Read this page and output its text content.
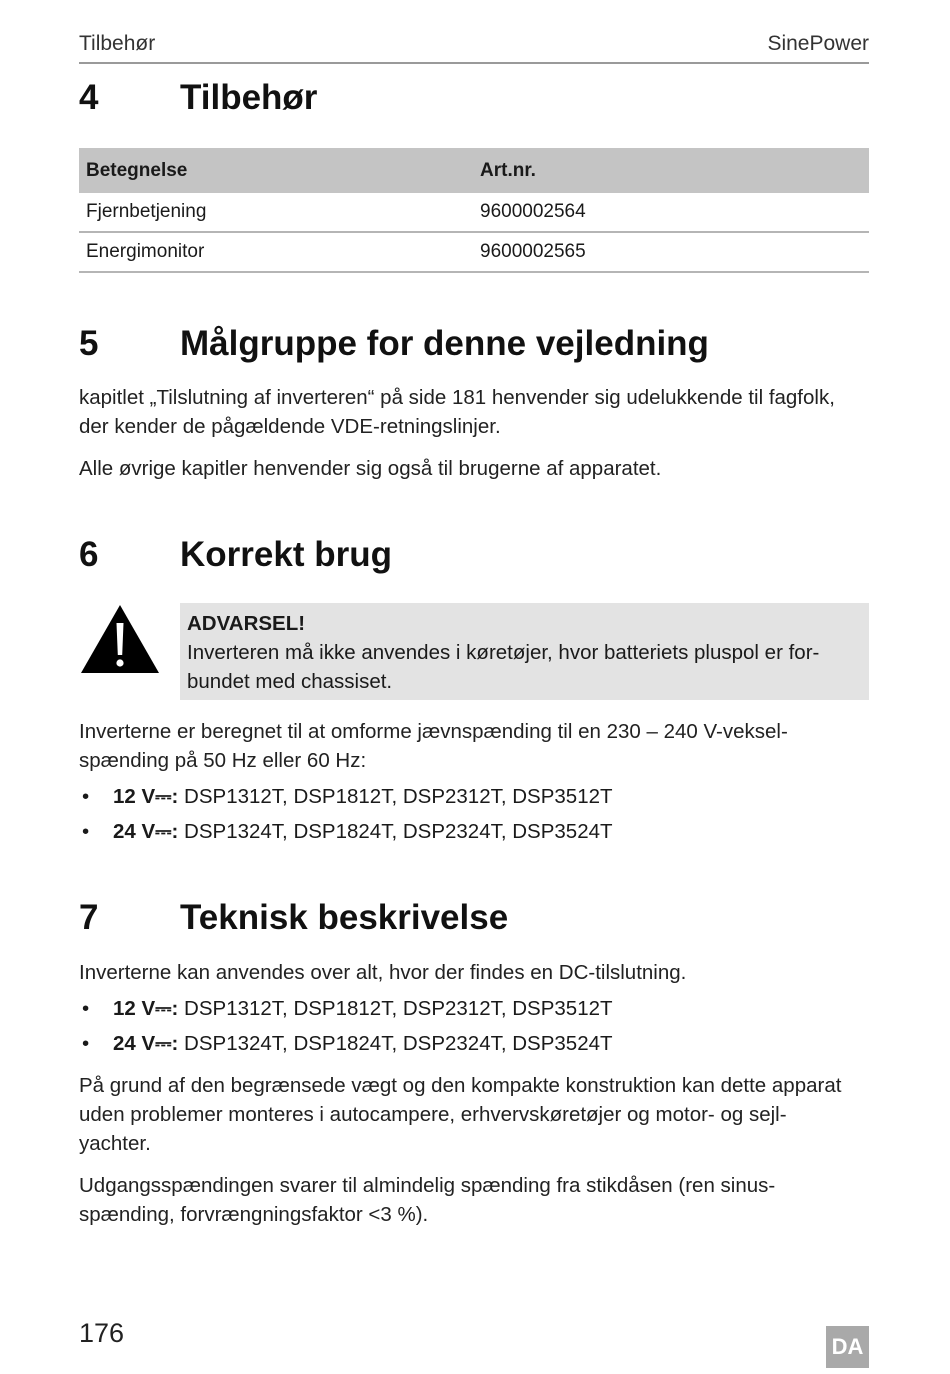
Tilbehør	SinePower
4 Tilbehør
Betegnelse	Art.nr.
Fjernbetjening	9600002564
Energimonitor	9600002565
5 Målgruppe for denne vejledning
kapitlet „Tilslutning af inverteren“ på side 181 henvender sig udelukkende til fagfolk,
der kender de pågældende VDE-retningslinjer.
Alle øvrige kapitler henvender sig også til brugerne af apparatet.
6 Korrekt brug
ADVARSEL!
Inverteren må ikke anvendes i køretøjer, hvor batteriets pluspol er for-
bundet med chassiset.
Inverterne er beregnet til at omforme jævnspænding til en 230 – 240 V-veksel-
spænding på 50 Hz eller 60 Hz:
• 12 V⎓: DSP1312T, DSP1812T, DSP2312T, DSP3512T
• 24 V⎓: DSP1324T, DSP1824T, DSP2324T, DSP3524T
7 Teknisk beskrivelse
Inverterne kan anvendes over alt, hvor der findes en DC-tilslutning.
• 12 V⎓: DSP1312T, DSP1812T, DSP2312T, DSP3512T
• 24 V⎓: DSP1324T, DSP1824T, DSP2324T, DSP3524T
På grund af den begrænsede vægt og den kompakte konstruktion kan dette apparat
uden problemer monteres i autocampere, erhvervskøretøjer og motor- og sejl-
yachter.
Udgangsspændingen svarer til almindelig spænding fra stikdåsen (ren sinus-
spænding, forvrængningsfaktor <3 %).
176	DA
